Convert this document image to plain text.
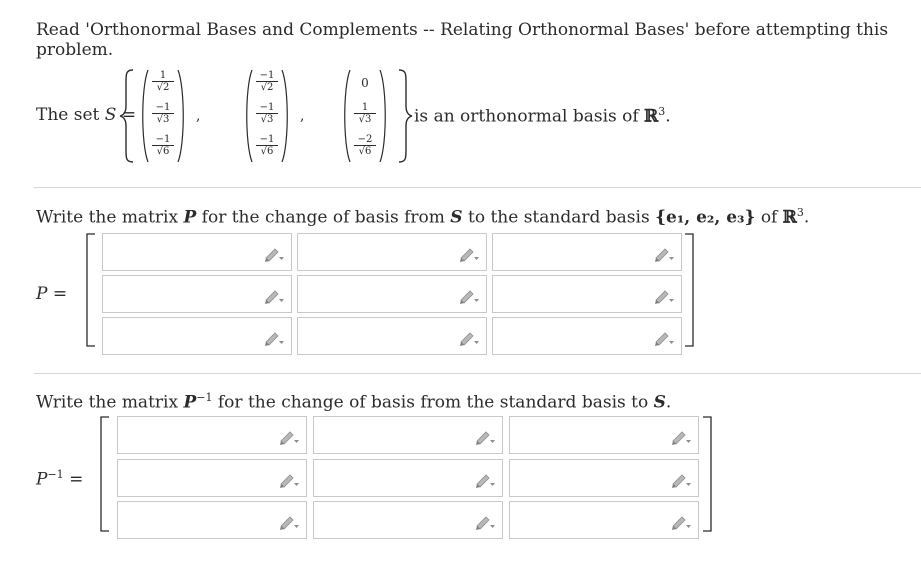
Read 'Orthonormal Bases and Complements -- Relating Orthonormal Bases' before attempting this problem.
The set S =
$\frac{1}{√2}$
$\frac{-1}{√3}$
$\frac{-1}{√6}$
,
$\frac{-1}{√2}$
$\frac{-1}{√3}$
$\frac{-1}{√6}$
,
0
$\frac{1}{√3}$
$\frac{-2}{√6}$
is an orthonormal basis of ℝ$^3$.
Write the matrix P for the change of basis from S to the standard basis {e₁, e₂, e₃} of ℝ$^3$.
P =
Write the matrix $P^{-1}$ for the change of basis from the standard basis to S.
$P^{-1}$ =
